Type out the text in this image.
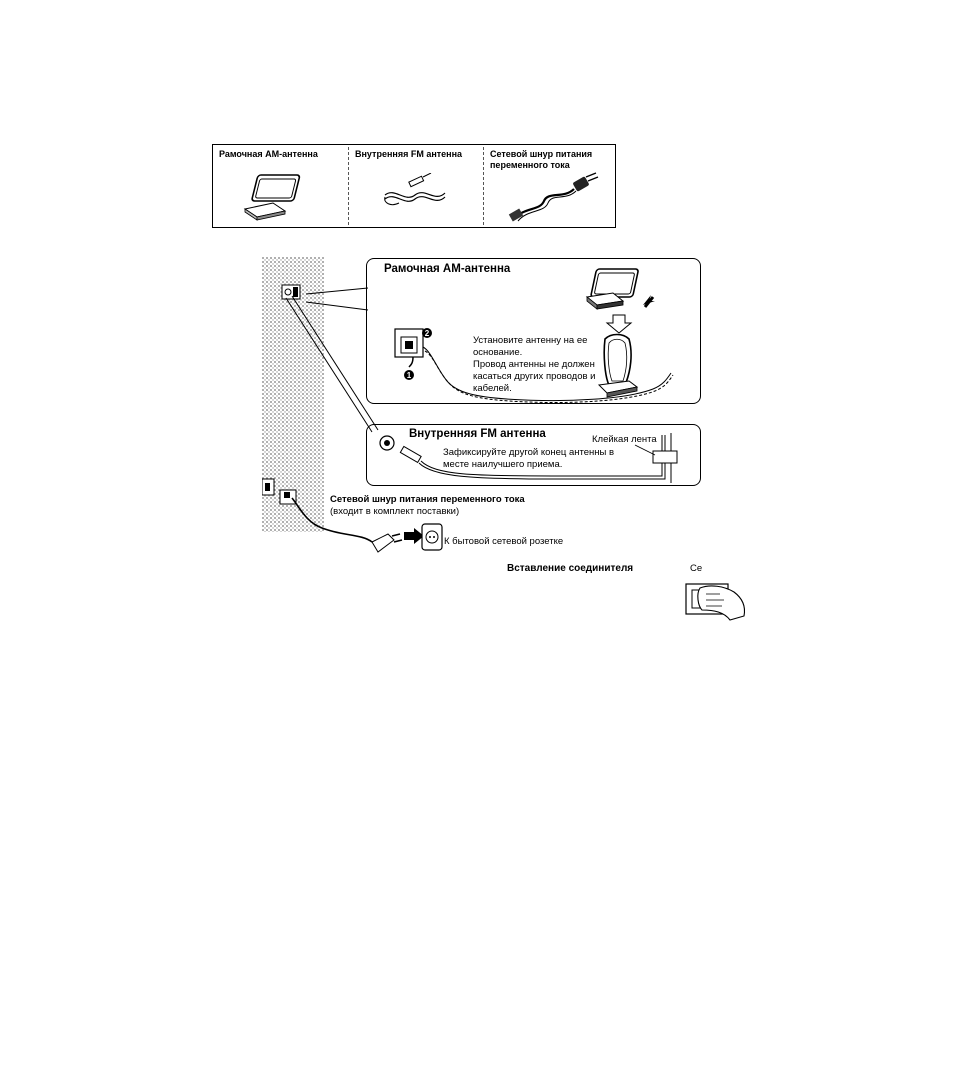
Рамочная АМ-антенна	Внутренняя FM антенна	Сетевой шнур питания
переменного тока
Рамочная АМ-антенна
Установите антенну на ее
основание.
Провод антенны не должен
касаться других проводов и
кабелей.
2
1
Внутренняя FM антенна	Клейкая лента
Зафиксируйте другой конец антенны в
месте наилучшего приема.
Сетевой шнур питания переменного тока
(входит в комплект поставки)
К бытовой сетевой розетке
Вставление соединителя	Се
